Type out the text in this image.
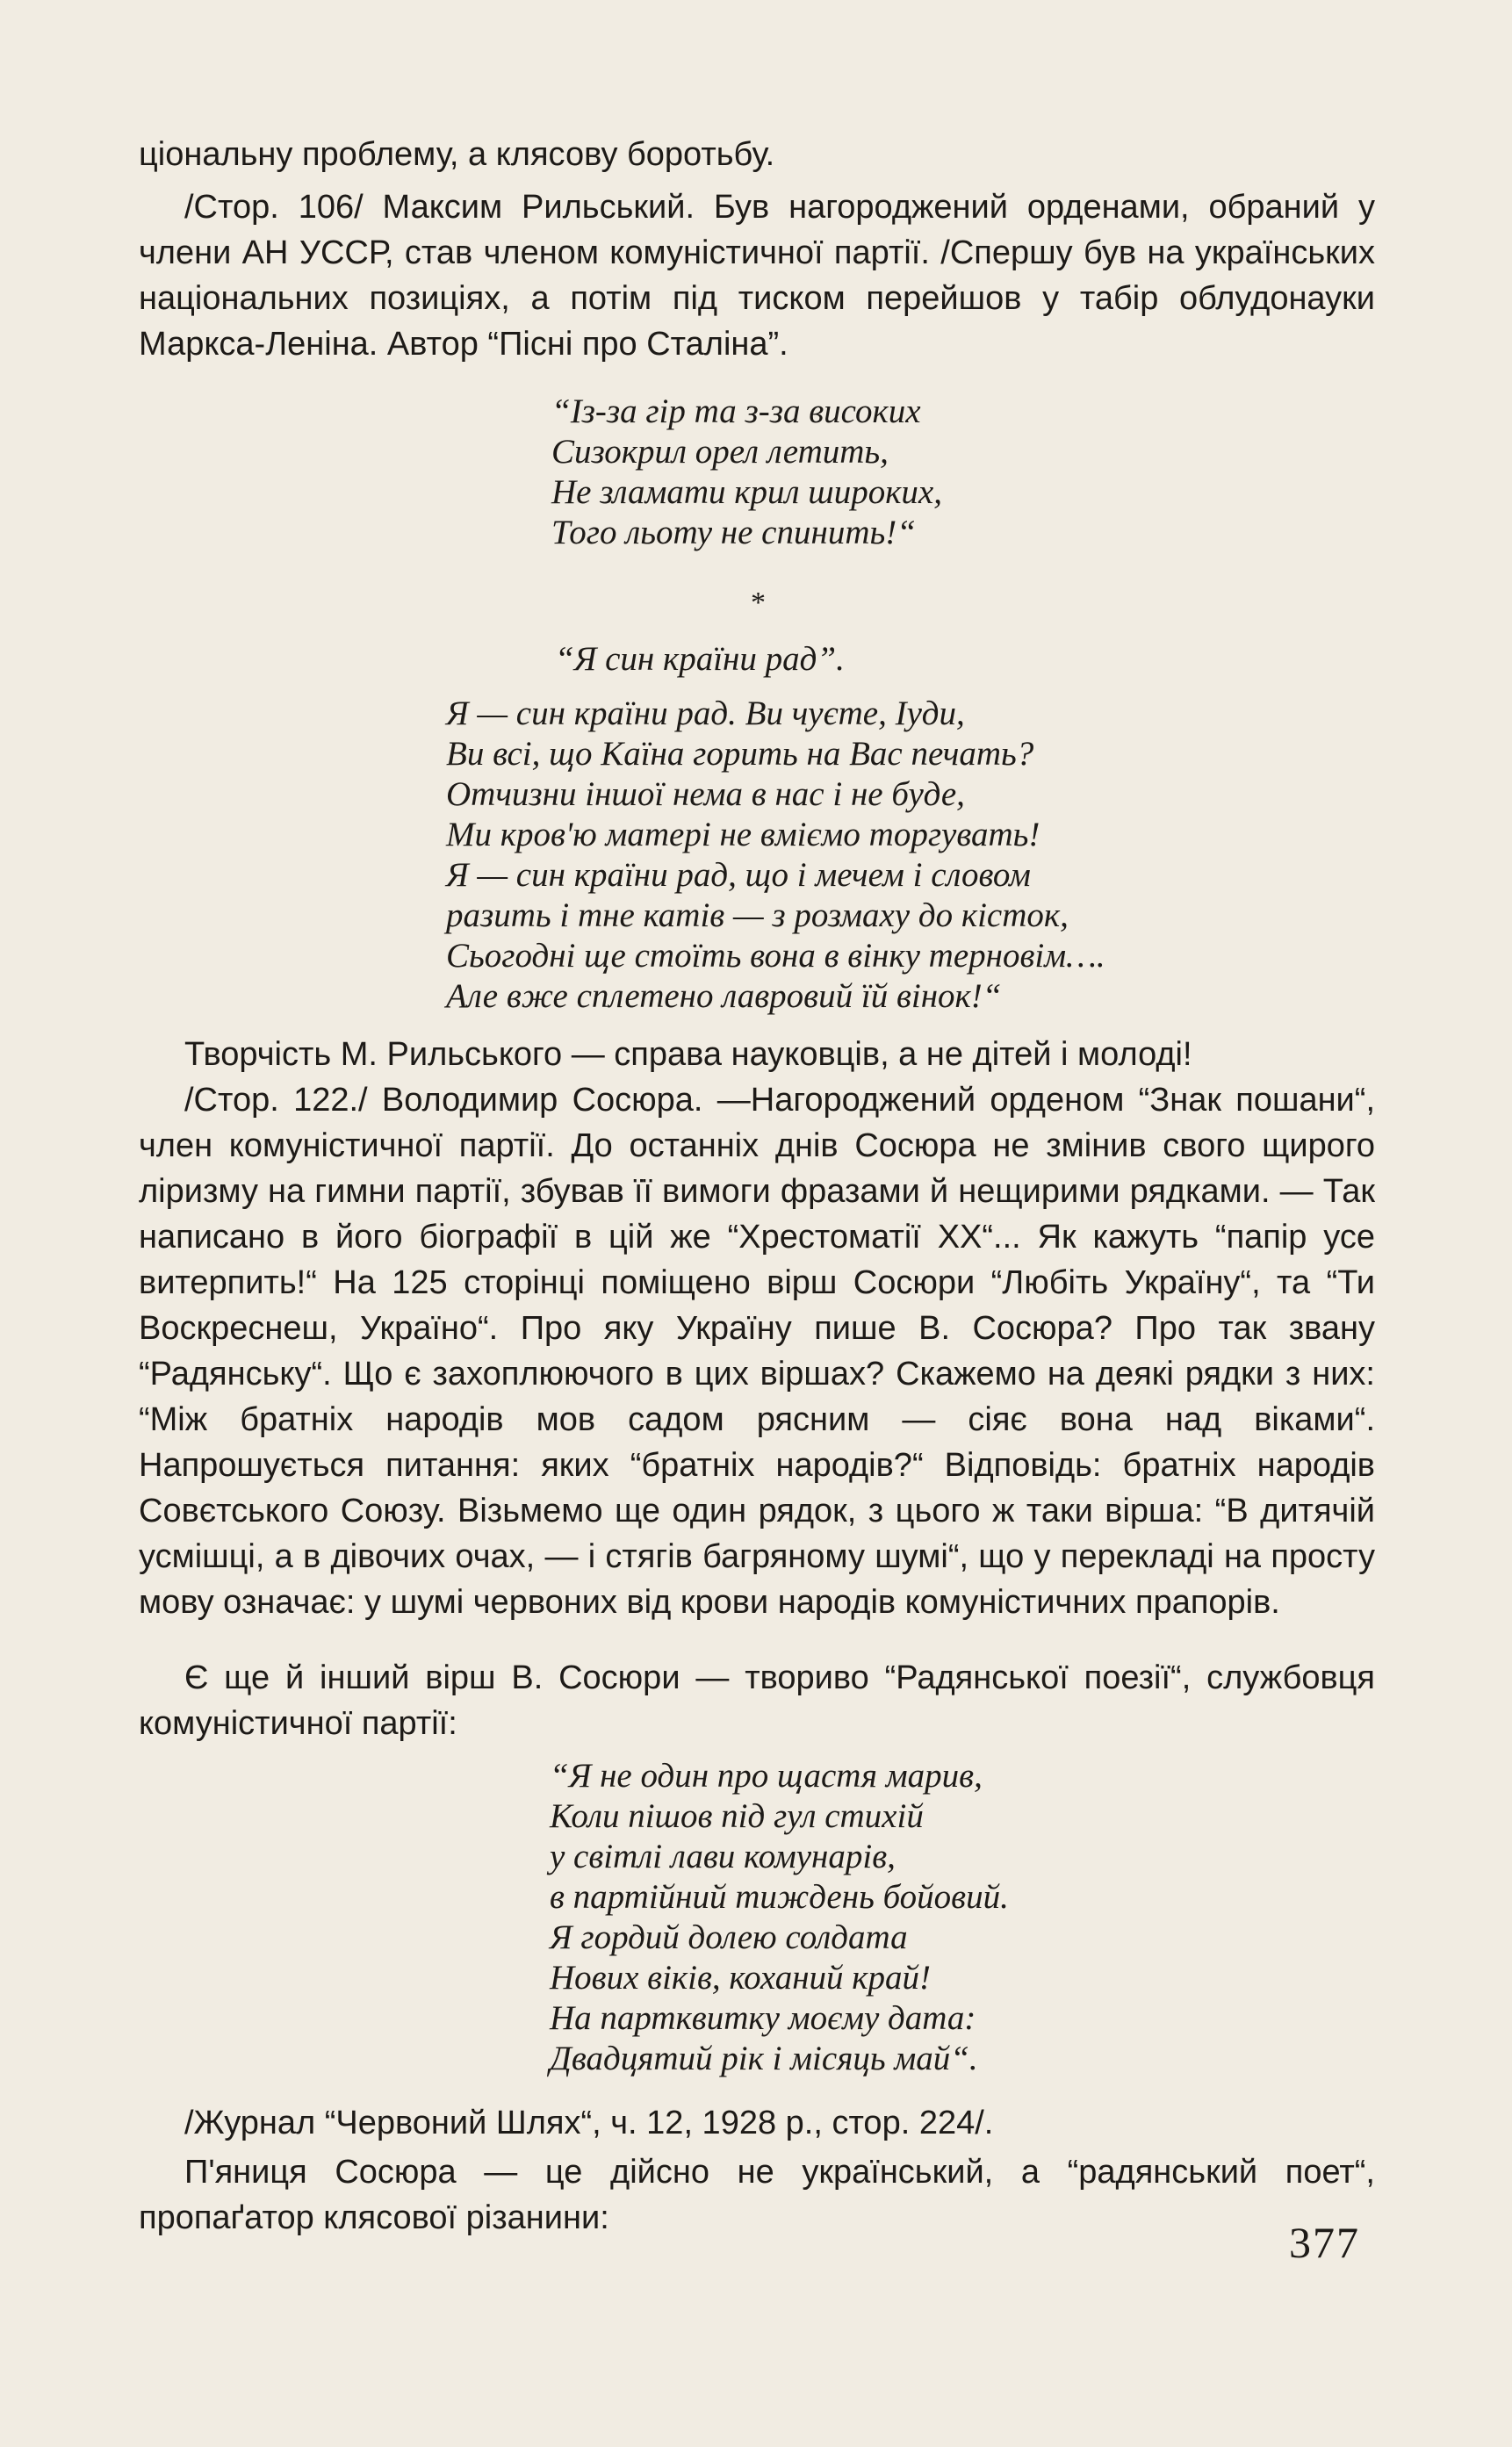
ціональну проблему, а клясову боротьбу.

/Стор. 106/ Максим Рильський. Був нагороджений орденами, обраний у члени АН УССР, став членом комуністичної партії. /Спершу був на українських національних позиціях, а потім під тиском перейшов у табір облудонауки Маркса-Леніна. Автор “Пісні про Сталіна”.

“Із-за гір та з-за високих
Сизокрил орел летить,
Не зламати крил широких,
Того льоту не спинить!“
*
“Я син країни рад”.
Я — син країни рад. Ви чуєте, Іуди,
Ви всі, що Каїна горить на Вас печать?
Отчизни іншої нема в нас і не буде,
Ми кров'ю матері не вміємо торгувать!
Я — син країни рад, що і мечем і словом
разить і тне катів — з розмаху до кісток,
Сьогодні ще стоїть вона в вінку терновім….
Але вже сплетено лавровий їй вінок!“

Творчість М. Рильського — справа науковців, а не дітей і молоді!

/Стор. 122./ Володимир Сосюра. —Нагороджений орденом “Знак пошани“, член комуністичної партії. До останніх днів Сосюра не змінив свого щирого ліризму на гимни партії, збував її вимоги фразами й нещирими рядками. — Так написано в його біографії в цій же “Хрестоматії ХХ“... Як кажуть “папір усе витерпить!“ На 125 сторінці поміщено вірш Сосюри “Любіть Україну“, та “Ти Воскреснеш, Україно“. Про яку Україну пише В. Сосюра? Про так звану “Радянську“. Що є захоплюючого в цих віршах? Скажемо на деякі рядки з них: “Між братніх народів мов садом рясним — сіяє вона над віками“. Напрошується питання: яких “братніх народів?“ Відповідь: братніх народів Совєтського Союзу. Візьмемо ще один рядок, з цього ж таки вірша: “В дитячій усмішці, а в дівочих очах, — і стягів багряному шумі“, що у перекладі на просту мову означає: у шумі червоних від крови народів комуністичних прапорів.

Є ще й інший вірш В. Сосюри — твориво “Радянської поезії“, службовця комуністичної партії:

“Я не один про щастя марив,
Коли пішов під гул стихій
у світлі лави комунарів,
в партійний тиждень бойовий.
Я гордий долею солдата
Нових віків, коханий край!
На партквитку моєму дата:
Двадцятий рік і місяць май“.

/Журнал “Червоний Шлях“, ч. 12, 1928 р., стор. 224/.

П'яниця Сосюра — це дійсно не український, а “радянський поет“, пропаґатор клясової різанини:	377
